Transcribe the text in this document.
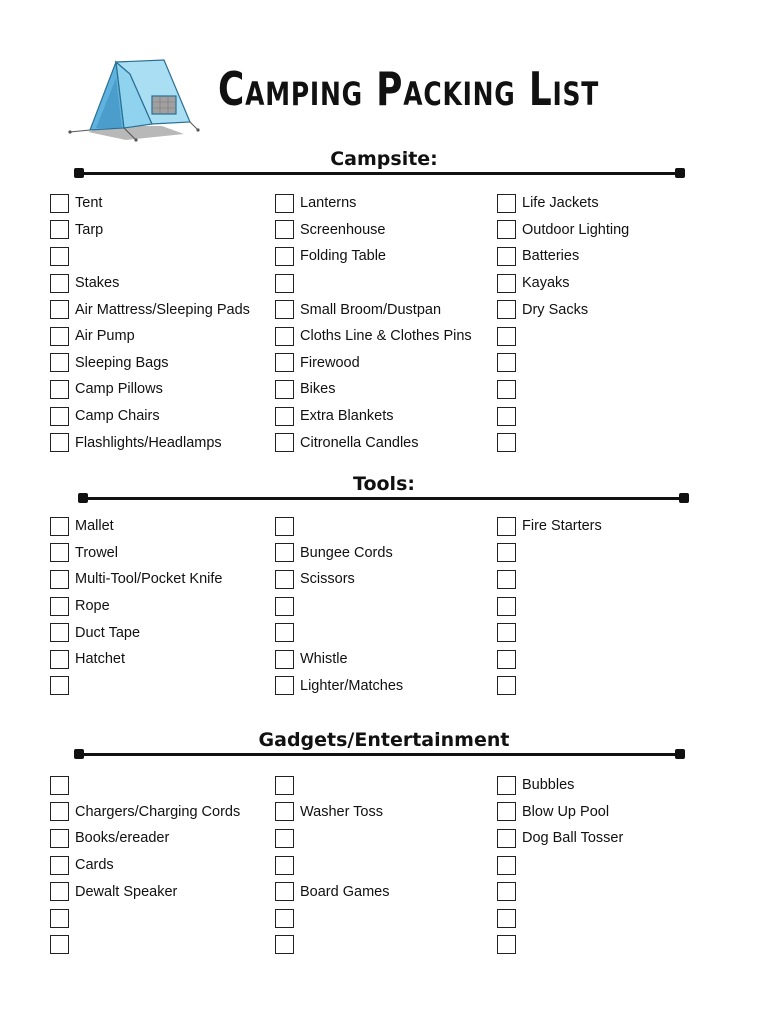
Camping Packing List
Campsite:
Tent
Tarp
Stakes
Air Mattress/Sleeping Pads
Air Pump
Sleeping Bags
Camp Pillows
Camp Chairs
Flashlights/Headlamps
Lanterns
Screenhouse
Folding Table
Small Broom/Dustpan
Cloths Line & Clothes Pins
Firewood
Bikes
Extra Blankets
Citronella Candles
Life Jackets
Outdoor Lighting
Batteries
Kayaks
Dry Sacks
Tools:
Mallet
Trowel
Multi-Tool/Pocket Knife
Rope
Duct Tape
Hatchet
Bungee Cords
Scissors
Whistle
Lighter/Matches
Fire Starters
Gadgets/Entertainment
Chargers/Charging Cords
Books/ereader
Cards
Dewalt Speaker
Washer Toss
Board Games
Bubbles
Blow Up Pool
Dog Ball Tosser
